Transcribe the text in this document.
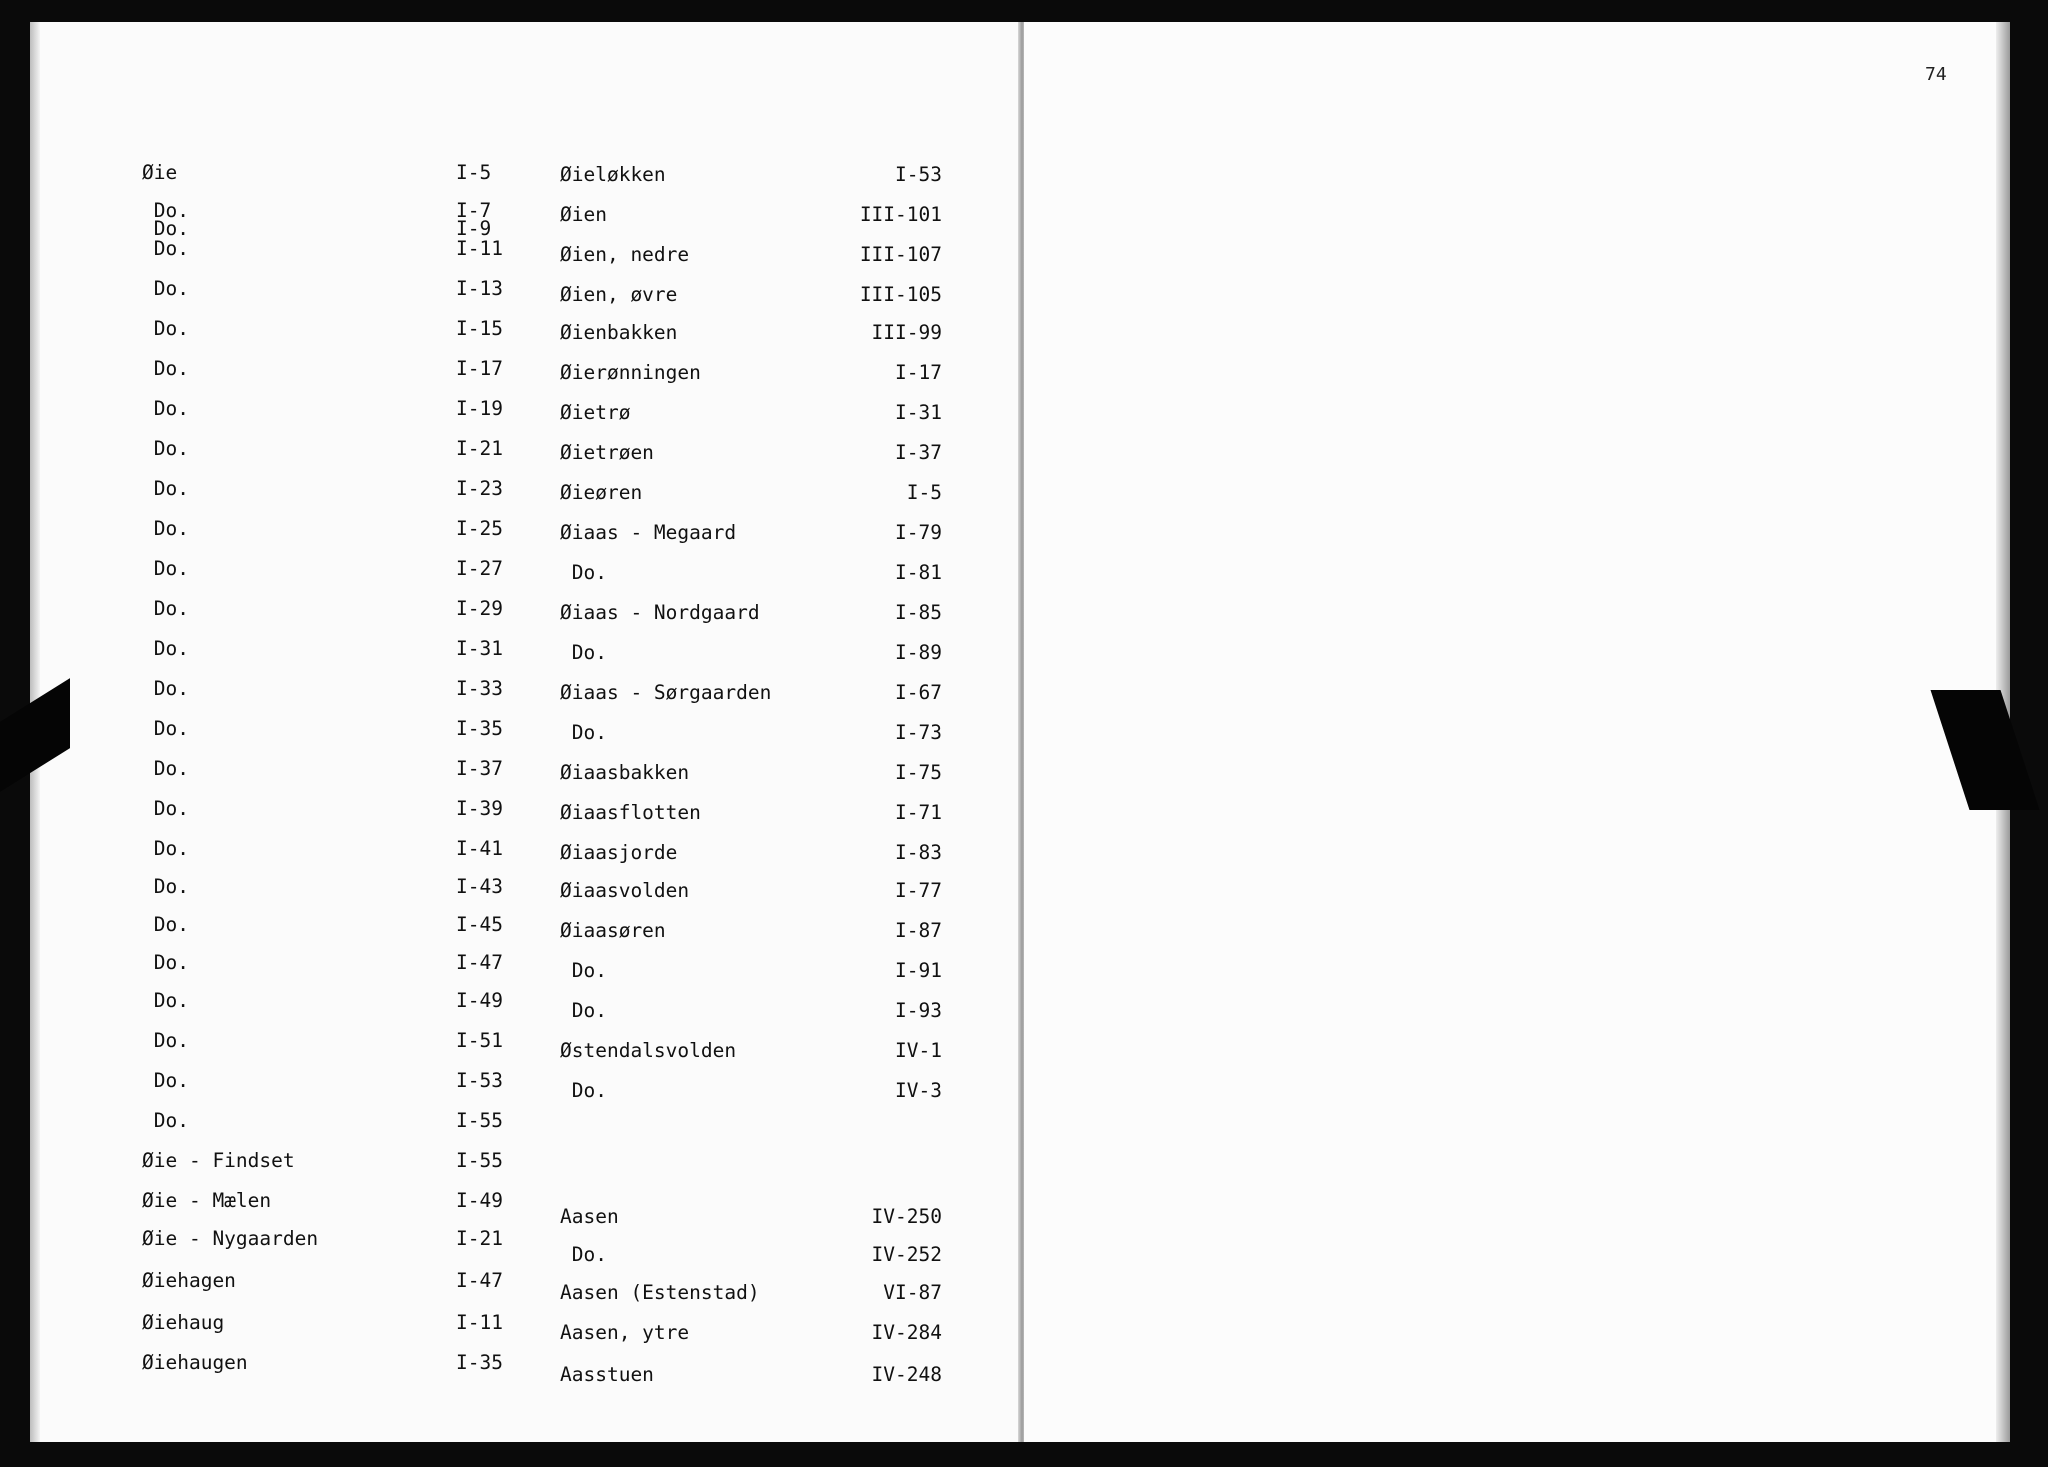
Øie	I-5
Do.	I-7
Do.	I-9
Do.	I-11
Do.	I-13
Do.	I-15
Do.	I-17
Do.	I-19
Do.	I-21
Do.	I-23
Do.	I-25
Do.	I-27
Do.	I-29
Do.	I-31
Do.	I-33
Do.	I-35
Do.	I-37
Do.	I-39
Do.	I-41
Do.	I-43
Do.	I-45
Do.	I-47
Do.	I-49
Do.	I-51
Do.	I-53
Do.	I-55
Øie - Findset	I-55
Øie - Mælen	I-49
Øie - Nygaarden	I-21
Øiehagen	I-47
Øiehaug	I-11
Øiehaugen	I-35
Øieløkken	I-53
Øien	III-101
Øien, nedre	III-107
Øien, øvre	III-105
Øienbakken	III-99
Øierønningen	I-17
Øietrø	I-31
Øietrøen	I-37
Øieøren	I-5
Øiaas - Megaard	I-79
Do.	I-81
Øiaas - Nordgaard	I-85
Do.	I-89
Øiaas - Sørgaarden	I-67
Do.	I-73
Øiaasbakken	I-75
Øiaasflotten	I-71
Øiaasjorde	I-83
Øiaasvolden	I-77
Øiaasøren	I-87
Do.	I-91
Do.	I-93
Østendalsvolden	IV-1
Do.	IV-3
Aasen	IV-250
Do.	IV-252
Aasen (Estenstad)	VI-87
Aasen, ytre	IV-284
Aasstuen	IV-248
74
